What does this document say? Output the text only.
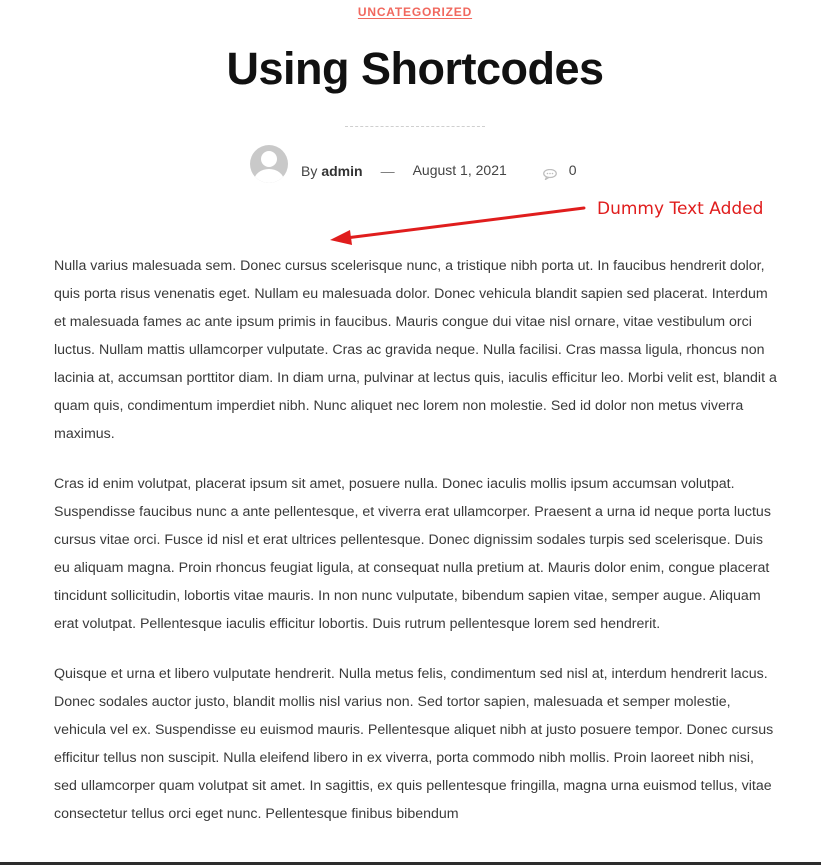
UNCATEGORIZED
Using Shortcodes
By admin — August 1, 2021	0
Dummy Text Added

Nulla varius malesuada sem. Donec cursus scelerisque nunc, a tristique nibh porta ut. In faucibus hendrerit dolor, quis porta risus venenatis eget. Nullam eu malesuada dolor. Donec vehicula blandit sapien sed placerat. Interdum et malesuada fames ac ante ipsum primis in faucibus. Mauris congue dui vitae nisl ornare, vitae vestibulum orci luctus. Nullam mattis ullamcorper vulputate. Cras ac gravida neque. Nulla facilisi. Cras massa ligula, rhoncus non lacinia at, accumsan porttitor diam. In diam urna, pulvinar at lectus quis, iaculis efficitur leo. Morbi velit est, blandit a quam quis, condimentum imperdiet nibh. Nunc aliquet nec lorem non molestie. Sed id dolor non metus viverra maximus.

Cras id enim volutpat, placerat ipsum sit amet, posuere nulla. Donec iaculis mollis ipsum accumsan volutpat. Suspendisse faucibus nunc a ante pellentesque, et viverra erat ullamcorper. Praesent a urna id neque porta luctus cursus vitae orci. Fusce id nisl et erat ultrices pellentesque. Donec dignissim sodales turpis sed scelerisque. Duis eu aliquam magna. Proin rhoncus feugiat ligula, at consequat nulla pretium at. Mauris dolor enim, congue placerat tincidunt sollicitudin, lobortis vitae mauris. In non nunc vulputate, bibendum sapien vitae, semper augue. Aliquam erat volutpat. Pellentesque iaculis efficitur lobortis. Duis rutrum pellentesque lorem sed hendrerit.

Quisque et urna et libero vulputate hendrerit. Nulla metus felis, condimentum sed nisl at, interdum hendrerit lacus. Donec sodales auctor justo, blandit mollis nisl varius non. Sed tortor sapien, malesuada et semper molestie, vehicula vel ex. Suspendisse eu euismod mauris. Pellentesque aliquet nibh at justo posuere tempor. Donec cursus efficitur tellus non suscipit. Nulla eleifend libero in ex viverra, porta commodo nibh mollis. Proin laoreet nibh nisi, sed ullamcorper quam volutpat sit amet. In sagittis, ex quis pellentesque fringilla, magna urna euismod tellus, vitae consectetur tellus orci eget nunc. Pellentesque finibus bibendum
